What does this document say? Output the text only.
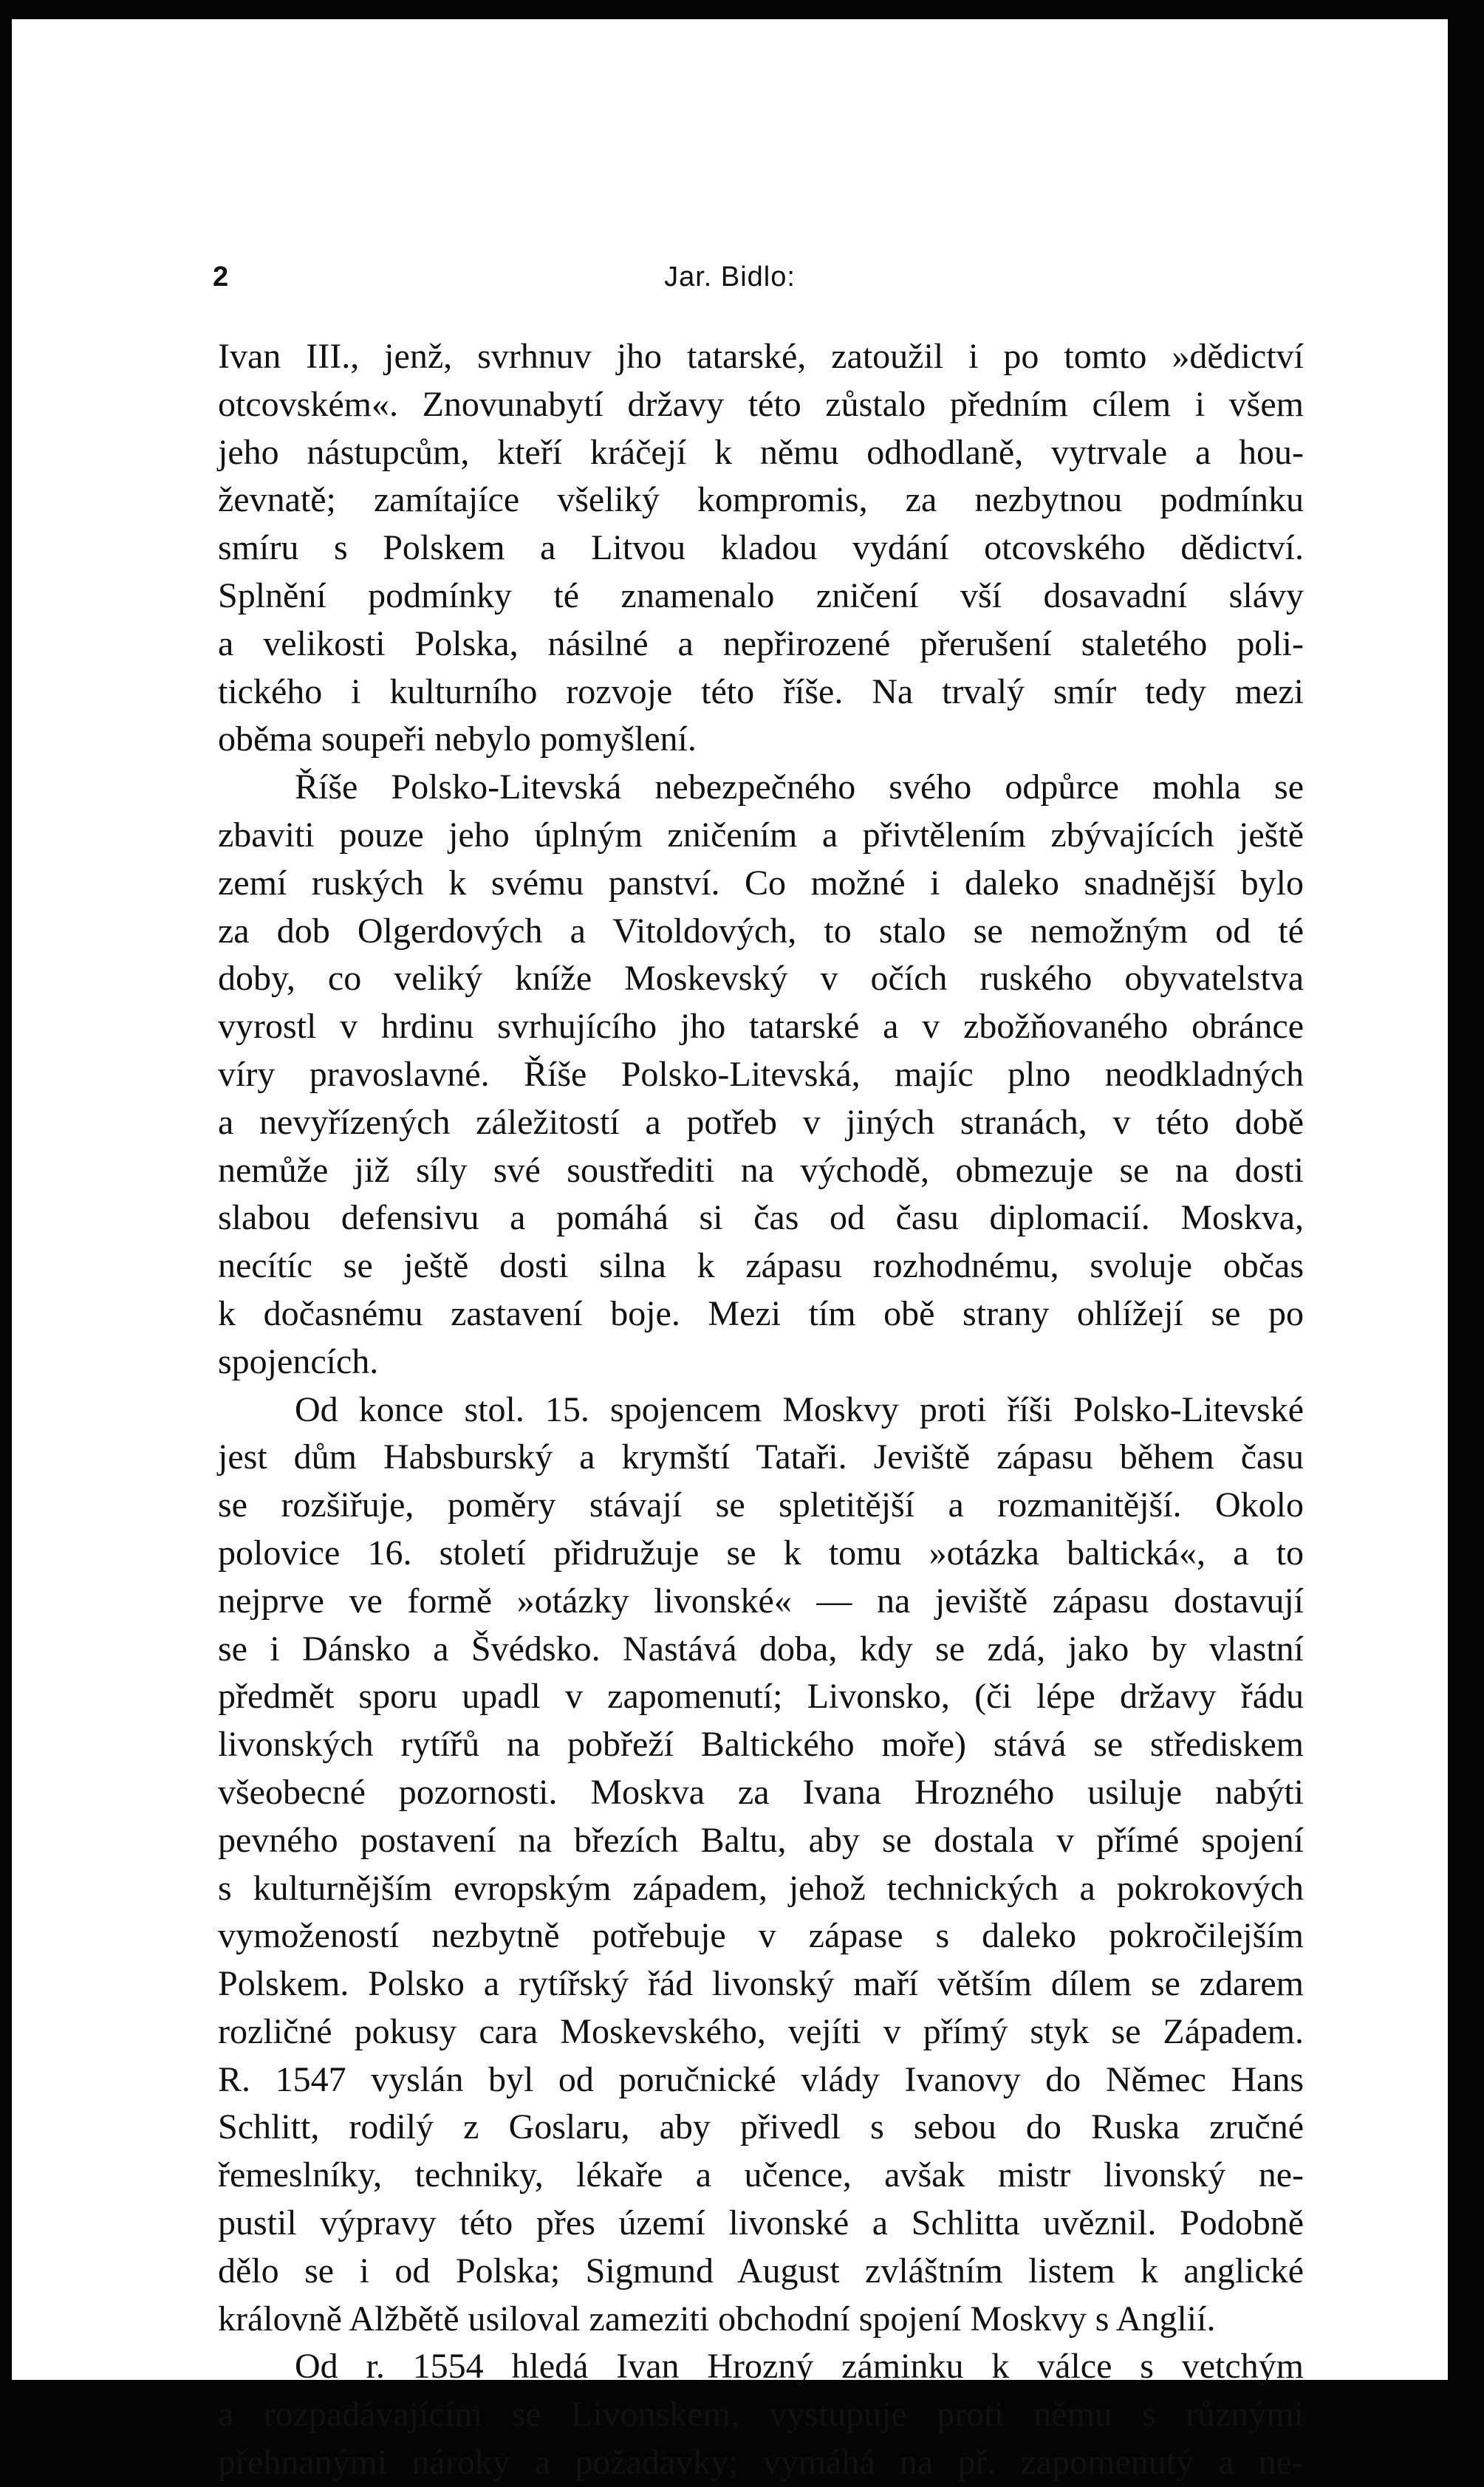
2	Jar. Bidlo:
Ivan III., jenž, svrhnuv jho tatarské, zatoužil i po tomto »dědictví
otcovském«. Znovunabytí državy této zůstalo předním cílem i všem
jeho nástupcům, kteří kráčejí k němu odhodlaně, vytrvale a hou-
ževnatě; zamítajíce všeliký kompromis, za nezbytnou podmínku
smíru s Polskem a Litvou kladou vydání otcovského dědictví.
Splnění podmínky té znamenalo zničení vší dosavadní slávy
a velikosti Polska, násilné a nepřirozené přerušení staletého poli-
tického i kulturního rozvoje této říše. Na trvalý smír tedy mezi
oběma soupeři nebylo pomyšlení.
Říše Polsko-Litevská nebezpečného svého odpůrce mohla se
zbaviti pouze jeho úplným zničením a přivtělením zbývajících ještě
zemí ruských k svému panství. Co možné i daleko snadnější bylo
za dob Olgerdových a Vitoldových, to stalo se nemožným od té
doby, co veliký kníže Moskevský v očích ruského obyvatelstva
vyrostl v hrdinu svrhujícího jho tatarské a v zbožňovaného obránce
víry pravoslavné. Říše Polsko-Litevská, majíc plno neodkladných
a nevyřízených záležitostí a potřeb v jiných stranách, v této době
nemůže již síly své soustřediti na východě, obmezuje se na dosti
slabou defensivu a pomáhá si čas od času diplomacií. Moskva,
necítíc se ještě dosti silna k zápasu rozhodnému, svoluje občas
k dočasnému zastavení boje. Mezi tím obě strany ohlížejí se po
spojencích.
Od konce stol. 15. spojencem Moskvy proti říši Polsko-Litevské
jest dům Habsburský a krymští Tataři. Jeviště zápasu během času
se rozšiřuje, poměry stávají se spletitější a rozmanitější. Okolo
polovice 16. století přidružuje se k tomu »otázka baltická«, a to
nejprve ve formě »otázky livonské« — na jeviště zápasu dostavují
se i Dánsko a Švédsko. Nastává doba, kdy se zdá, jako by vlastní
předmět sporu upadl v zapomenutí; Livonsko, (či lépe državy řádu
livonských rytířů na pobřeží Baltického moře) stává se střediskem
všeobecné pozornosti. Moskva za Ivana Hrozného usiluje nabýti
pevného postavení na březích Baltu, aby se dostala v přímé spojení
s kulturnějším evropským západem, jehož technických a pokrokových
vymožeností nezbytně potřebuje v zápase s daleko pokročilejším
Polskem. Polsko a rytířský řád livonský maří větším dílem se zdarem
rozličné pokusy cara Moskevského, vejíti v přímý styk se Západem.
R. 1547 vyslán byl od poručnické vlády Ivanovy do Němec Hans
Schlitt, rodilý z Goslaru, aby přivedl s sebou do Ruska zručné
řemeslníky, techniky, lékaře a učence, avšak mistr livonský ne-
pustil výpravy této přes území livonské a Schlitta uvěznil. Podobně
dělo se i od Polska; Sigmund August zvláštním listem k anglické
královně Alžbětě usiloval zameziti obchodní spojení Moskvy s Anglií.
Od r. 1554 hledá Ivan Hrozný záminku k válce s vetchým
a rozpadávajícím se Livonskem, vystupuje proti němu s různými
přehnanými nároky a požadavky; vymáhá na př. zapomenutý a ne-
